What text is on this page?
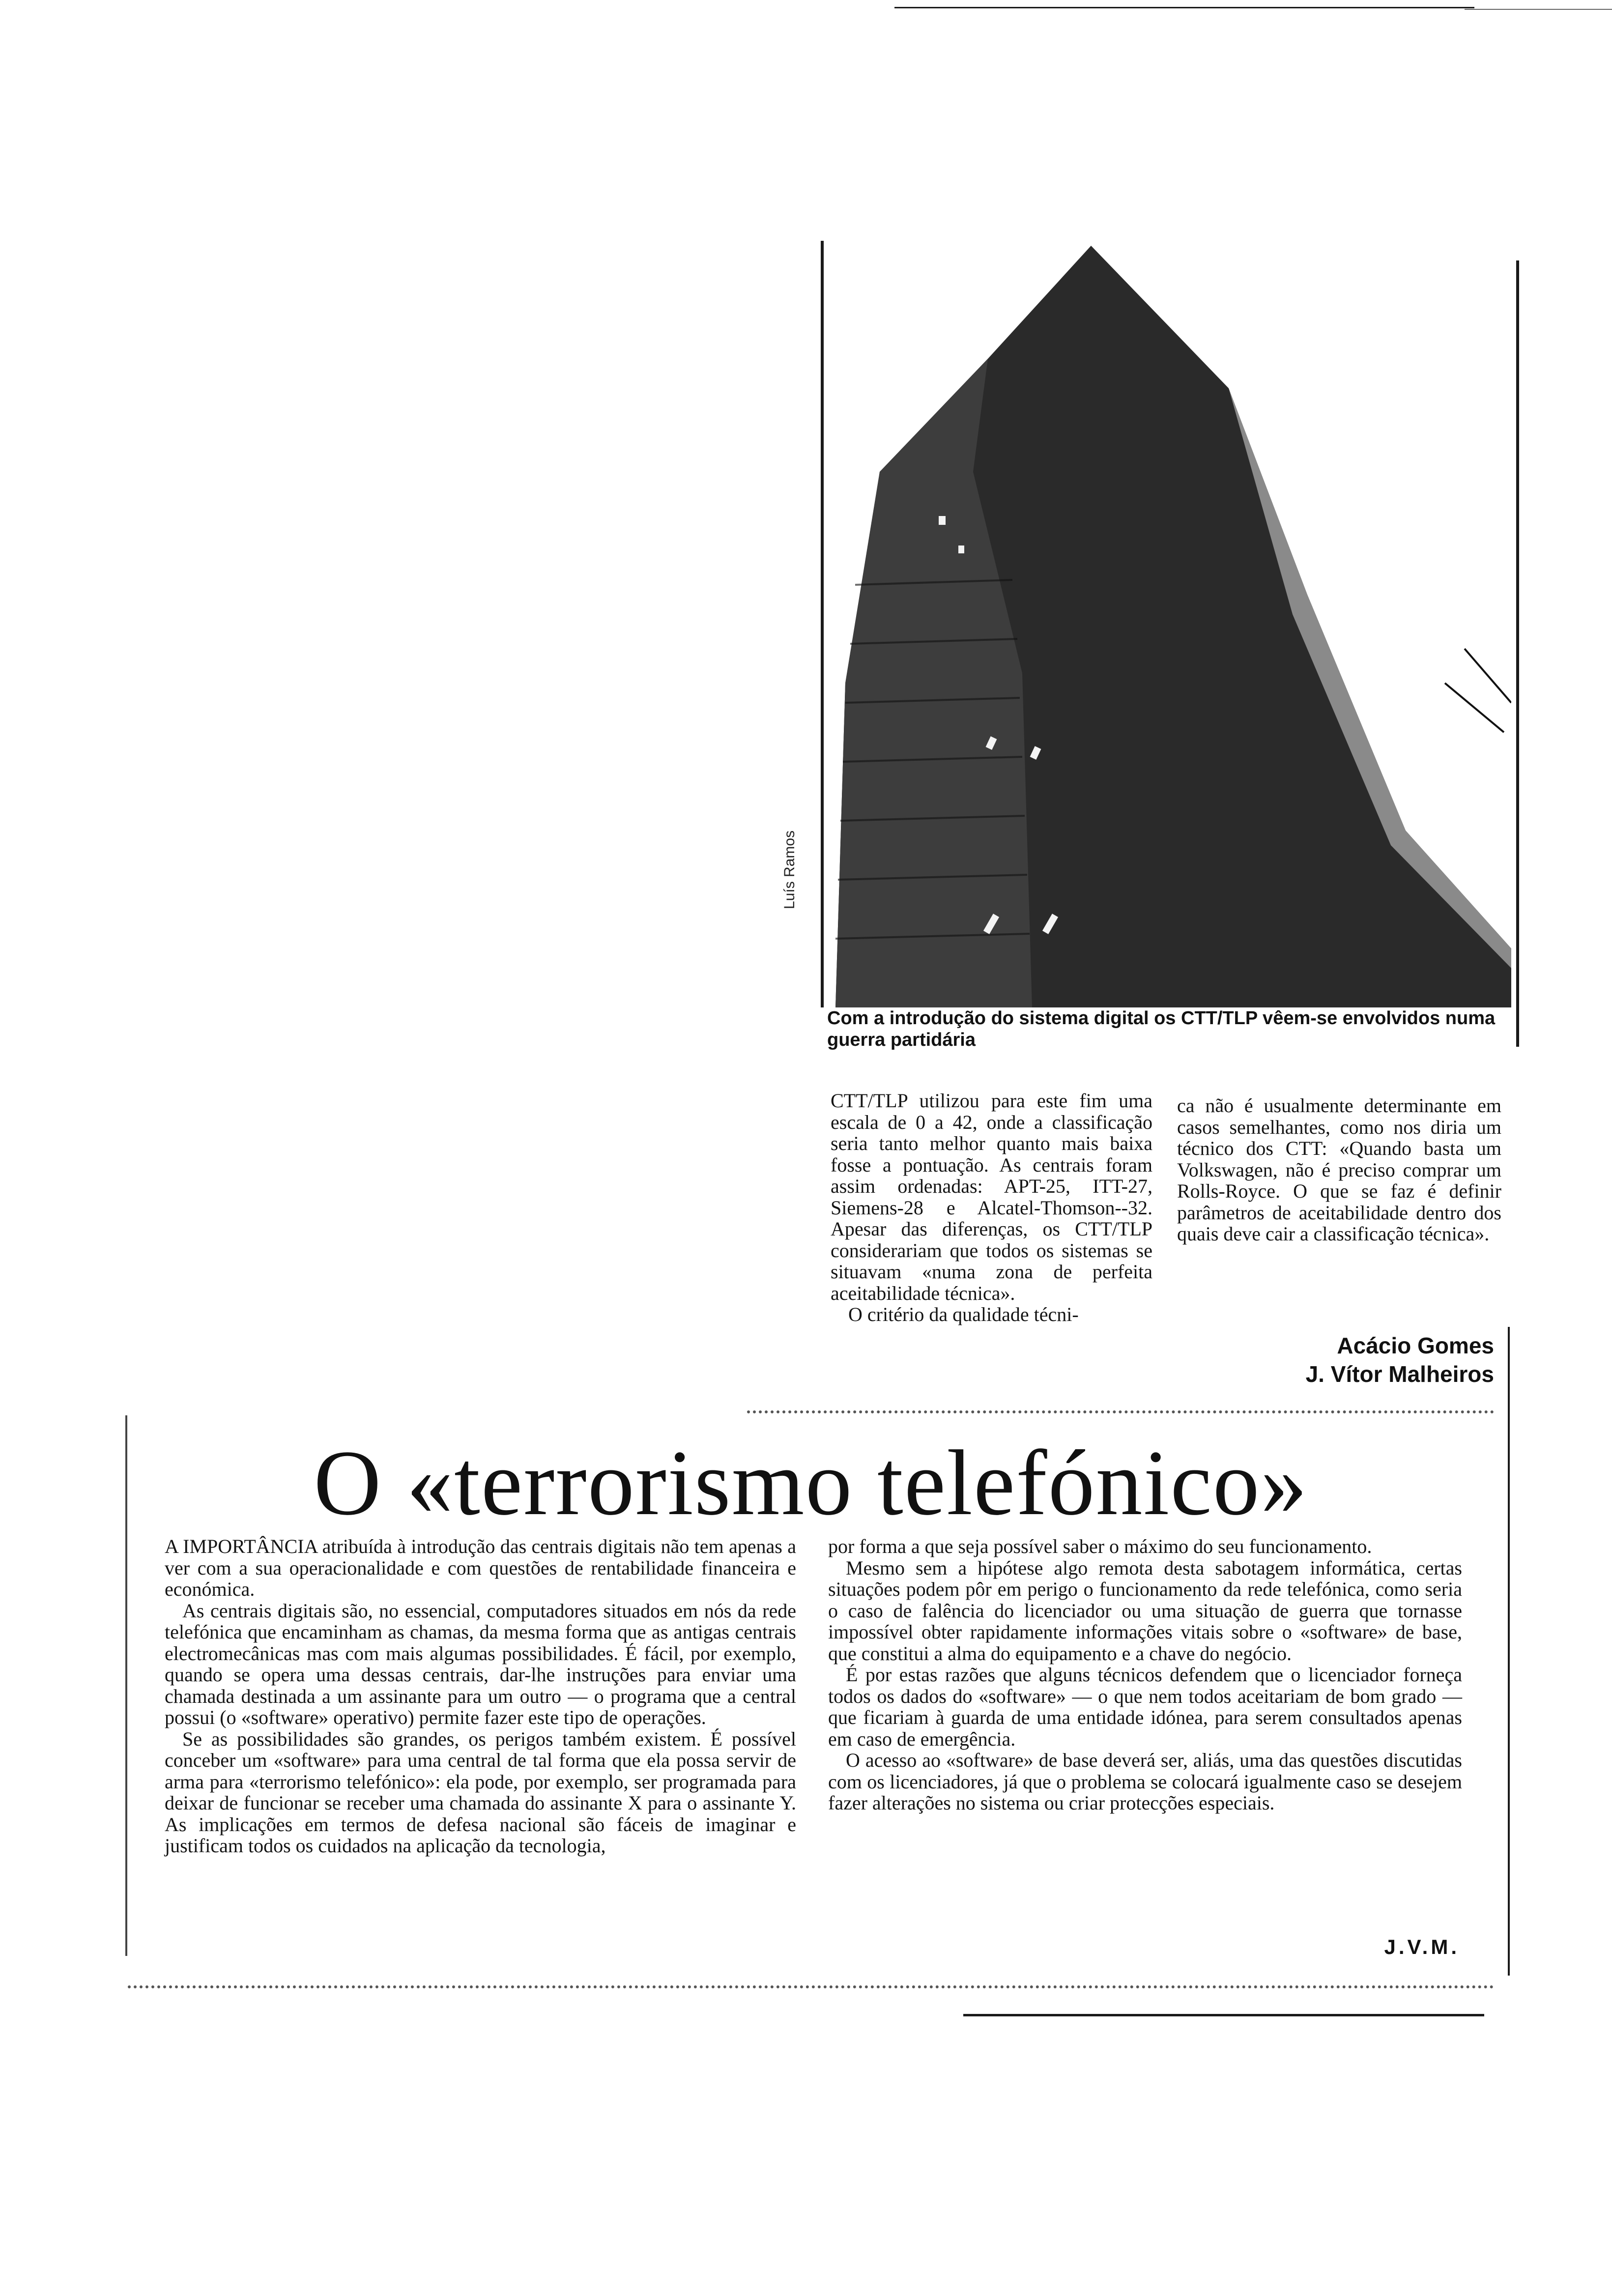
Luís Ramos
Com a introdução do sistema digital os CTT/TLP vêem-se envolvidos numa guerra partidária

CTT/TLP utilizou para este fim uma escala de 0 a 42, onde a classificação seria tanto melhor quanto mais baixa fosse a pontuação. As centrais foram assim ordenadas: APT-25, ITT-27, Siemens-28 e Alcatel-Thomson--32. Apesar das diferenças, os CTT/TLP considerariam que todos os sistemas se situavam «numa zona de perfeita aceitabilidade técnica».

O critério da qualidade técni-

ca não é usualmente determinante em casos semelhantes, como nos diria um técnico dos CTT: «Quando basta um Volkswagen, não é preciso comprar um Rolls-Royce. O que se faz é definir parâmetros de aceitabilidade dentro dos quais deve cair a classificação técnica».

Acácio Gomes
J. Vítor Malheiros
O «terrorismo telefónico»

A IMPORTÂNCIA atribuída à introdução das centrais digitais não tem apenas a ver com a sua operacionalidade e com questões de rentabilidade financeira e económica.

As centrais digitais são, no essencial, computadores situados em nós da rede telefónica que encaminham as chamas, da mesma forma que as antigas centrais electromecânicas mas com mais algumas possibilidades. É fácil, por exemplo, quando se opera uma dessas centrais, dar-lhe instruções para enviar uma chamada destinada a um assinante para um outro — o programa que a central possui (o «software» operativo) permite fazer este tipo de operações.

Se as possibilidades são grandes, os perigos também existem. É possível conceber um «software» para uma central de tal forma que ela possa servir de arma para «terrorismo telefónico»: ela pode, por exemplo, ser programada para deixar de funcionar se receber uma chamada do assinante X para o assinante Y. As implicações em termos de defesa nacional são fáceis de imaginar e justificam todos os cuidados na aplicação da tecnologia,

por forma a que seja possível saber o máximo do seu funcionamento.

Mesmo sem a hipótese algo remota desta sabotagem informática, certas situações podem pôr em perigo o funcionamento da rede telefónica, como seria o caso de falência do licenciador ou uma situação de guerra que tornasse impossível obter rapidamente informações vitais sobre o «software» de base, que constitui a alma do equipamento e a chave do negócio.

É por estas razões que alguns técnicos defendem que o licenciador forneça todos os dados do «software» — o que nem todos aceitariam de bom grado — que ficariam à guarda de uma entidade idónea, para serem consultados apenas em caso de emergência.

O acesso ao «software» de base deverá ser, aliás, uma das questões discutidas com os licenciadores, já que o problema se colocará igualmente caso se desejem fazer alterações no sistema ou criar protecções especiais.

J.V.M.
